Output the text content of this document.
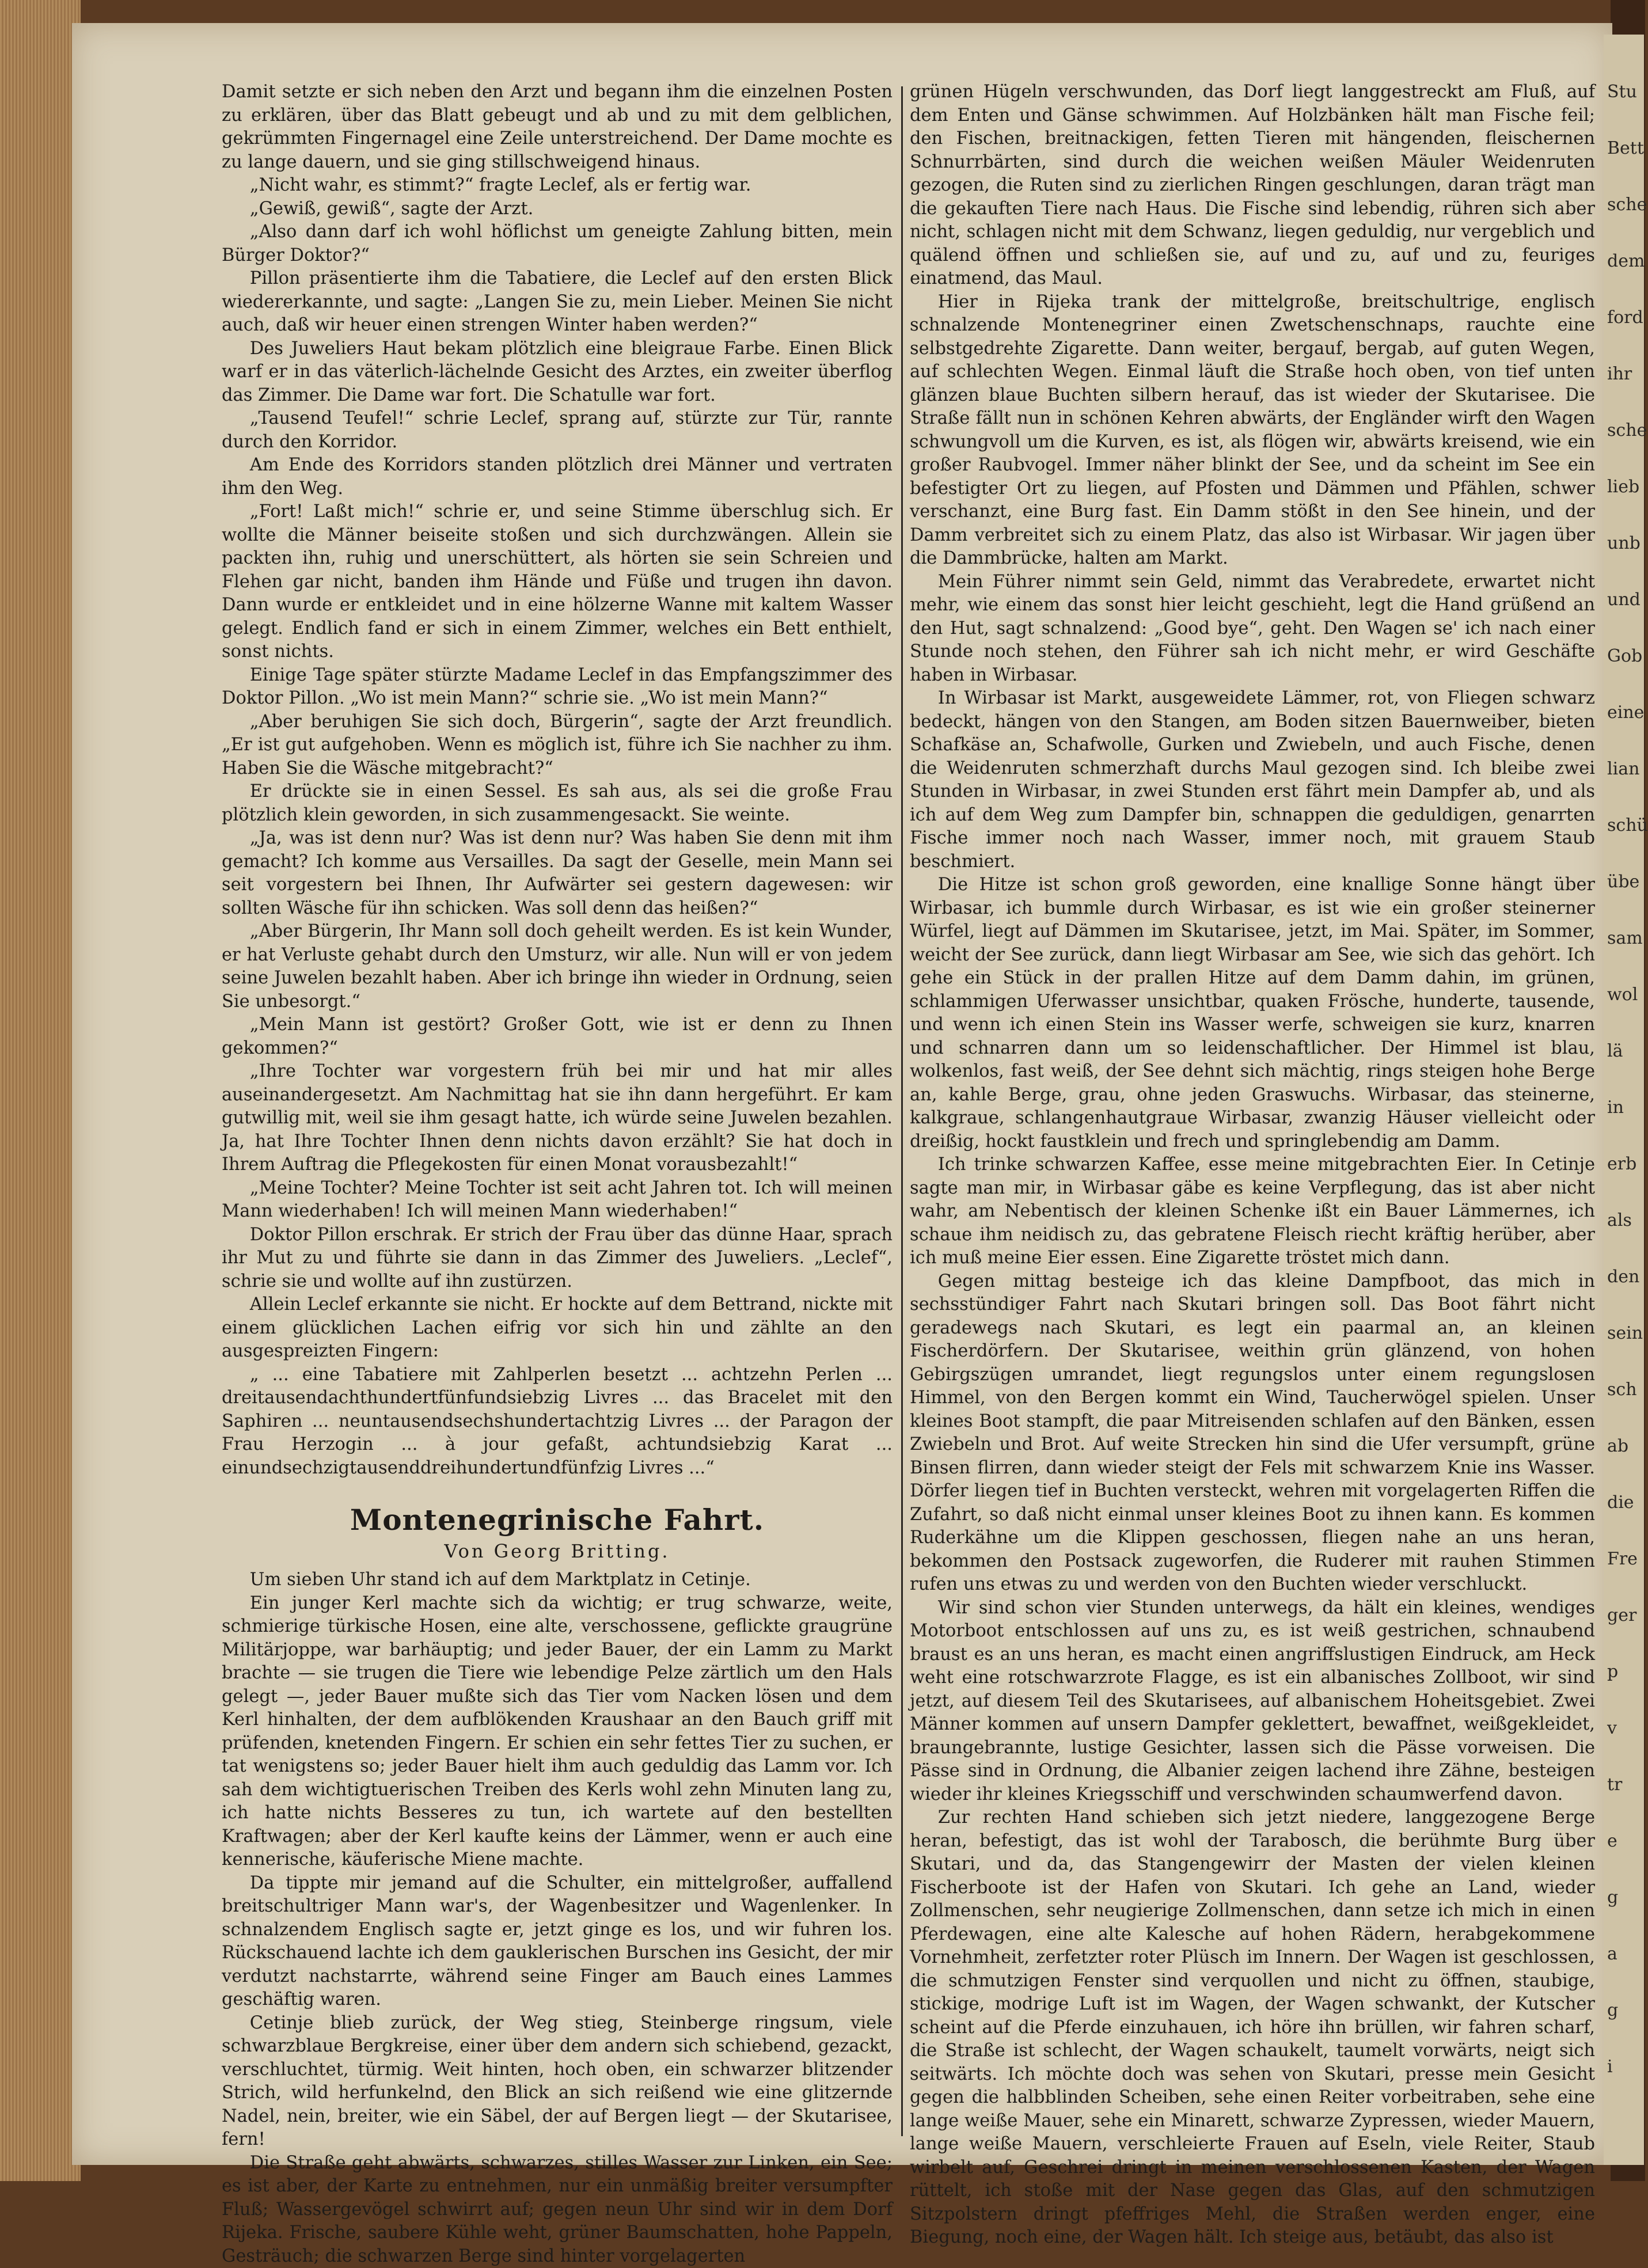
Damit setzte er sich neben den Arzt und begann ihm die einzelnen Posten zu erklären, über das Blatt gebeugt und ab und zu mit dem gelblichen, gekrümmten Fingernagel eine Zeile unterstreichend. Der Dame mochte es zu lange dauern, und sie ging stillschweigend hinaus.

„Nicht wahr, es stimmt?“ fragte Leclef, als er fertig war.

„Gewiß, gewiß“, sagte der Arzt.

„Also dann darf ich wohl höflichst um geneigte Zahlung bitten, mein Bürger Doktor?“

Pillon präsentierte ihm die Tabatiere, die Leclef auf den ersten Blick wiedererkannte, und sagte: „Langen Sie zu, mein Lieber. Meinen Sie nicht auch, daß wir heuer einen strengen Winter haben werden?“

Des Juweliers Haut bekam plötzlich eine bleigraue Farbe. Einen Blick warf er in das väterlich-lächelnde Gesicht des Arztes, ein zweiter überflog das Zimmer. Die Dame war fort. Die Schatulle war fort.

„Tausend Teufel!“ schrie Leclef, sprang auf, stürzte zur Tür, rannte durch den Korridor.

Am Ende des Korridors standen plötzlich drei Männer und vertraten ihm den Weg.

„Fort! Laßt mich!“ schrie er, und seine Stimme überschlug sich. Er wollte die Männer beiseite stoßen und sich durchzwängen. Allein sie packten ihn, ruhig und unerschüttert, als hörten sie sein Schreien und Flehen gar nicht, banden ihm Hände und Füße und trugen ihn davon. Dann wurde er entkleidet und in eine hölzerne Wanne mit kaltem Wasser gelegt. Endlich fand er sich in einem Zimmer, welches ein Bett enthielt, sonst nichts.

Einige Tage später stürzte Madame Leclef in das Empfangszimmer des Doktor Pillon. „Wo ist mein Mann?“ schrie sie. „Wo ist mein Mann?“

„Aber beruhigen Sie sich doch, Bürgerin“, sagte der Arzt freundlich. „Er ist gut aufgehoben. Wenn es möglich ist, führe ich Sie nachher zu ihm. Haben Sie die Wäsche mitgebracht?“

Er drückte sie in einen Sessel. Es sah aus, als sei die große Frau plötzlich klein geworden, in sich zusammengesackt. Sie weinte.

„Ja, was ist denn nur? Was ist denn nur? Was haben Sie denn mit ihm gemacht? Ich komme aus Versailles. Da sagt der Geselle, mein Mann sei seit vorgestern bei Ihnen, Ihr Aufwärter sei gestern dagewesen: wir sollten Wäsche für ihn schicken. Was soll denn das heißen?“

„Aber Bürgerin, Ihr Mann soll doch geheilt werden. Es ist kein Wunder, er hat Verluste gehabt durch den Umsturz, wir alle. Nun will er von jedem seine Juwelen bezahlt haben. Aber ich bringe ihn wieder in Ordnung, seien Sie unbesorgt.“

„Mein Mann ist gestört? Großer Gott, wie ist er denn zu Ihnen gekommen?“

„Ihre Tochter war vorgestern früh bei mir und hat mir alles auseinandergesetzt. Am Nachmittag hat sie ihn dann hergeführt. Er kam gutwillig mit, weil sie ihm gesagt hatte, ich würde seine Juwelen bezahlen. Ja, hat Ihre Tochter Ihnen denn nichts davon erzählt? Sie hat doch in Ihrem Auftrag die Pflegekosten für einen Monat vorausbezahlt!“

„Meine Tochter? Meine Tochter ist seit acht Jahren tot. Ich will meinen Mann wiederhaben! Ich will meinen Mann wiederhaben!“

Doktor Pillon erschrak. Er strich der Frau über das dünne Haar, sprach ihr Mut zu und führte sie dann in das Zimmer des Juweliers. „Leclef“, schrie sie und wollte auf ihn zustürzen.

Allein Leclef erkannte sie nicht. Er hockte auf dem Bettrand, nickte mit einem glücklichen Lachen eifrig vor sich hin und zählte an den ausgespreizten Fingern:

„ ... eine Tabatiere mit Zahlperlen besetzt ... achtzehn Perlen ... dreitausendachthundertfünfundsiebzig Livres ... das Bracelet mit den Saphiren ... neuntausendsechshundertachtzig Livres ... der Paragon der Frau Herzogin ... à jour gefaßt, achtundsiebzig Karat ... einundsechzigtausenddreihundertundfünfzig Livres ...“

Montenegrinische Fahrt.
Von Georg Britting.

Um sieben Uhr stand ich auf dem Marktplatz in Cetinje.

Ein junger Kerl machte sich da wichtig; er trug schwarze, weite, schmierige türkische Hosen, eine alte, verschossene, geflickte graugrüne Militärjoppe, war barhäuptig; und jeder Bauer, der ein Lamm zu Markt brachte — sie trugen die Tiere wie lebendige Pelze zärtlich um den Hals gelegt —, jeder Bauer mußte sich das Tier vom Nacken lösen und dem Kerl hinhalten, der dem aufblökenden Kraushaar an den Bauch griff mit prüfenden, knetenden Fingern. Er schien ein sehr fettes Tier zu suchen, er tat wenigstens so; jeder Bauer hielt ihm auch geduldig das Lamm vor. Ich sah dem wichtigtuerischen Treiben des Kerls wohl zehn Minuten lang zu, ich hatte nichts Besseres zu tun, ich wartete auf den bestellten Kraftwagen; aber der Kerl kaufte keins der Lämmer, wenn er auch eine kennerische, käuferische Miene machte.

Da tippte mir jemand auf die Schulter, ein mittelgroßer, auffallend breitschultriger Mann war's, der Wagenbesitzer und Wagenlenker. In schnalzendem Englisch sagte er, jetzt ginge es los, und wir fuhren los. Rückschauend lachte ich dem gauklerischen Burschen ins Gesicht, der mir verdutzt nachstarrte, während seine Finger am Bauch eines Lammes geschäftig waren.

Cetinje blieb zurück, der Weg stieg, Steinberge ringsum, viele schwarzblaue Bergkreise, einer über dem andern sich schiebend, gezackt, verschluchtet, türmig. Weit hinten, hoch oben, ein schwarzer blitzender Strich, wild herfunkelnd, den Blick an sich reißend wie eine glitzernde Nadel, nein, breiter, wie ein Säbel, der auf Bergen liegt — der Skutarisee, fern!

Die Straße geht abwärts, schwarzes, stilles Wasser zur Linken, ein See; es ist aber, der Karte zu entnehmen, nur ein unmäßig breiter versumpfter Fluß; Wassergevögel schwirrt auf; gegen neun Uhr sind wir in dem Dorf Rijeka. Frische, saubere Kühle weht, grüner Baumschatten, hohe Pappeln, Gesträuch; die schwarzen Berge sind hinter vorgelagerten

grünen Hügeln verschwunden, das Dorf liegt langgestreckt am Fluß, auf dem Enten und Gänse schwimmen. Auf Holzbänken hält man Fische feil; den Fischen, breitnackigen, fetten Tieren mit hängenden, fleischernen Schnurrbärten, sind durch die weichen weißen Mäuler Weidenruten gezogen, die Ruten sind zu zierlichen Ringen geschlungen, daran trägt man die gekauften Tiere nach Haus. Die Fische sind lebendig, rühren sich aber nicht, schlagen nicht mit dem Schwanz, liegen geduldig, nur vergeblich und quälend öffnen und schließen sie, auf und zu, auf und zu, feuriges einatmend, das Maul.

Hier in Rijeka trank der mittelgroße, breitschultrige, englisch schnalzende Montenegriner einen Zwetschenschnaps, rauchte eine selbstgedrehte Zigarette. Dann weiter, bergauf, bergab, auf guten Wegen, auf schlechten Wegen. Einmal läuft die Straße hoch oben, von tief unten glänzen blaue Buchten silbern herauf, das ist wieder der Skutarisee. Die Straße fällt nun in schönen Kehren abwärts, der Engländer wirft den Wagen schwungvoll um die Kurven, es ist, als flögen wir, abwärts kreisend, wie ein großer Raubvogel. Immer näher blinkt der See, und da scheint im See ein befestigter Ort zu liegen, auf Pfosten und Dämmen und Pfählen, schwer verschanzt, eine Burg fast. Ein Damm stößt in den See hinein, und der Damm verbreitet sich zu einem Platz, das also ist Wirbasar. Wir jagen über die Dammbrücke, halten am Markt.

Mein Führer nimmt sein Geld, nimmt das Verabredete, erwartet nicht mehr, wie einem das sonst hier leicht geschieht, legt die Hand grüßend an den Hut, sagt schnalzend: „Good bye“, geht. Den Wagen se' ich nach einer Stunde noch stehen, den Führer sah ich nicht mehr, er wird Geschäfte haben in Wirbasar.

In Wirbasar ist Markt, ausgeweidete Lämmer, rot, von Fliegen schwarz bedeckt, hängen von den Stangen, am Boden sitzen Bauernweiber, bieten Schafkäse an, Schafwolle, Gurken und Zwiebeln, und auch Fische, denen die Weidenruten schmerzhaft durchs Maul gezogen sind. Ich bleibe zwei Stunden in Wirbasar, in zwei Stunden erst fährt mein Dampfer ab, und als ich auf dem Weg zum Dampfer bin, schnappen die geduldigen, genarrten Fische immer noch nach Wasser, immer noch, mit grauem Staub beschmiert.

Die Hitze ist schon groß geworden, eine knallige Sonne hängt über Wirbasar, ich bummle durch Wirbasar, es ist wie ein großer steinerner Würfel, liegt auf Dämmen im Skutarisee, jetzt, im Mai. Später, im Sommer, weicht der See zurück, dann liegt Wirbasar am See, wie sich das gehört. Ich gehe ein Stück in der prallen Hitze auf dem Damm dahin, im grünen, schlammigen Uferwasser unsichtbar, quaken Frösche, hunderte, tausende, und wenn ich einen Stein ins Wasser werfe, schweigen sie kurz, knarren und schnarren dann um so leidenschaftlicher. Der Himmel ist blau, wolkenlos, fast weiß, der See dehnt sich mächtig, rings steigen hohe Berge an, kahle Berge, grau, ohne jeden Graswuchs. Wirbasar, das steinerne, kalkgraue, schlangenhautgraue Wirbasar, zwanzig Häuser vielleicht oder dreißig, hockt faustklein und frech und springlebendig am Damm.

Ich trinke schwarzen Kaffee, esse meine mitgebrachten Eier. In Cetinje sagte man mir, in Wirbasar gäbe es keine Verpflegung, das ist aber nicht wahr, am Nebentisch der kleinen Schenke ißt ein Bauer Lämmernes, ich schaue ihm neidisch zu, das gebratene Fleisch riecht kräftig herüber, aber ich muß meine Eier essen. Eine Zigarette tröstet mich dann.

Gegen mittag besteige ich das kleine Dampfboot, das mich in sechsstündiger Fahrt nach Skutari bringen soll. Das Boot fährt nicht geradewegs nach Skutari, es legt ein paarmal an, an kleinen Fischerdörfern. Der Skutarisee, weithin grün glänzend, von hohen Gebirgszügen umrandet, liegt regungslos unter einem regungslosen Himmel, von den Bergen kommt ein Wind, Taucherwögel spielen. Unser kleines Boot stampft, die paar Mitreisenden schlafen auf den Bänken, essen Zwiebeln und Brot. Auf weite Strecken hin sind die Ufer versumpft, grüne Binsen flirren, dann wieder steigt der Fels mit schwarzem Knie ins Wasser. Dörfer liegen tief in Buchten versteckt, wehren mit vorgelagerten Riffen die Zufahrt, so daß nicht einmal unser kleines Boot zu ihnen kann. Es kommen Ruderkähne um die Klippen geschossen, fliegen nahe an uns heran, bekommen den Postsack zugeworfen, die Ruderer mit rauhen Stimmen rufen uns etwas zu und werden von den Buchten wieder verschluckt.

Wir sind schon vier Stunden unterwegs, da hält ein kleines, wendiges Motorboot entschlossen auf uns zu, es ist weiß gestrichen, schnaubend braust es an uns heran, es macht einen angriffslustigen Eindruck, am Heck weht eine rotschwarzrote Flagge, es ist ein albanisches Zollboot, wir sind jetzt, auf diesem Teil des Skutarisees, auf albanischem Hoheitsgebiet. Zwei Männer kommen auf unsern Dampfer geklettert, bewaffnet, weißgekleidet, braungebrannte, lustige Gesichter, lassen sich die Pässe vorweisen. Die Pässe sind in Ordnung, die Albanier zeigen lachend ihre Zähne, besteigen wieder ihr kleines Kriegsschiff und verschwinden schaumwerfend davon.

Zur rechten Hand schieben sich jetzt niedere, langgezogene Berge heran, befestigt, das ist wohl der Tarabosch, die berühmte Burg über Skutari, und da, das Stangengewirr der Masten der vielen kleinen Fischerboote ist der Hafen von Skutari. Ich gehe an Land, wieder Zollmenschen, sehr neugierige Zollmenschen, dann setze ich mich in einen Pferdewagen, eine alte Kalesche auf hohen Rädern, herabgekommene Vornehmheit, zerfetzter roter Plüsch im Innern. Der Wagen ist geschlossen, die schmutzigen Fenster sind verquollen und nicht zu öffnen, staubige, stickige, modrige Luft ist im Wagen, der Wagen schwankt, der Kutscher scheint auf die Pferde einzuhauen, ich höre ihn brüllen, wir fahren scharf, die Straße ist schlecht, der Wagen schaukelt, taumelt vorwärts, neigt sich seitwärts. Ich möchte doch was sehen von Skutari, presse mein Gesicht gegen die halbblinden Scheiben, sehe einen Reiter vorbeitraben, sehe eine lange weiße Mauer, sehe ein Minarett, schwarze Zypressen, wieder Mauern, lange weiße Mauern, verschleierte Frauen auf Eseln, viele Reiter, Staub wirbelt auf, Geschrei dringt in meinen verschlossenen Kasten, der Wagen rüttelt, ich stoße mit der Nase gegen das Glas, auf den schmutzigen Sitzpolstern dringt pfeffriges Mehl, die Straßen werden enger, eine Biegung, noch eine, der Wagen hält. Ich steige aus, betäubt, das also ist

Stu
Bett
sche
dem
ford
ihr
sche
lieb
unb
und
Gob
eine
lian
schü
übe
sam
wol
lä
in
erb
als
den
sein
sch
ab
die
Fre
ger
p
v
tr
e
g
a
g
i
